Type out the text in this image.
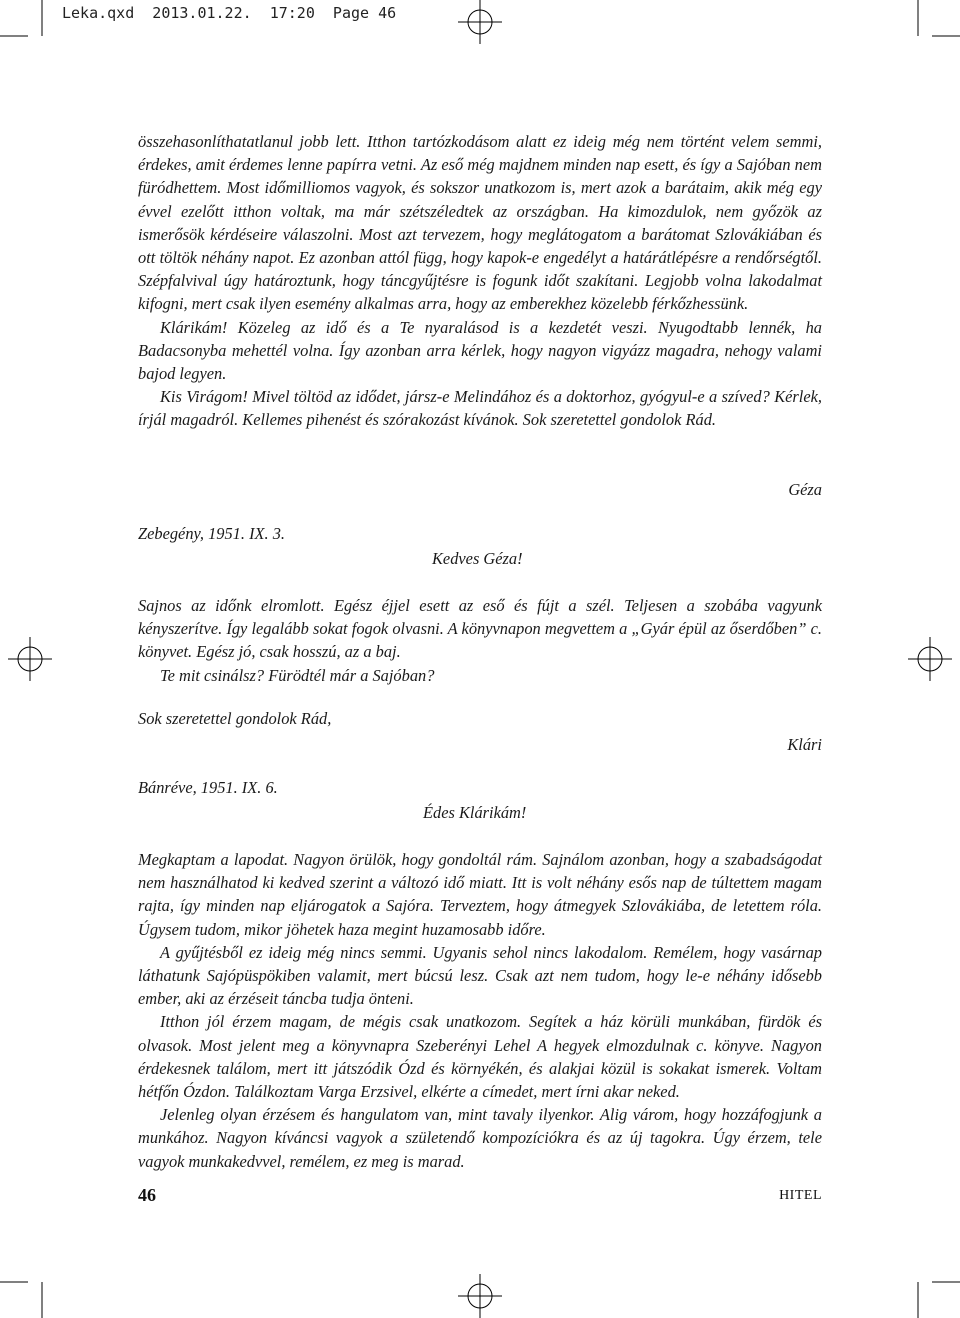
Leka.qxd  2013.01.22.  17:20  Page 46

összehasonlíthatatlanul jobb lett. Itthon tartózkodásom alatt ez ideig még nem történt velem semmi, érdekes, amit érdemes lenne papírra vetni. Az eső még majdnem minden nap esett, és így a Sajóban nem füródhettem. Most időmilliomos vagyok, és sokszor unatkozom is, mert azok a barátaim, akik még egy évvel ezelőtt itthon voltak, ma már szétszéledtek az országban. Ha kimozdulok, nem győzök az ismerősök kérdéseire válaszolni. Most azt tervezem, hogy meglátogatom a barátomat Szlovákiában és ott töltök néhány napot. Ez azonban attól függ, hogy kapok-e engedélyt a határátlépésre a rendőrségtől. Szépfalvival úgy határoztunk, hogy táncgyűjtésre is fogunk időt szakítani. Legjobb volna lakodalmat kifogni, mert csak ilyen esemény alkalmas arra, hogy az emberekhez közelebb férkőzhessünk.

Klárikám! Közeleg az idő és a Te nyaralásod is a kezdetét veszi. Nyugodtabb lennék, ha Badacsonyba mehettél volna. Így azonban arra kérlek, hogy nagyon vigyázz magadra, nehogy valami bajod legyen.

Kis Virágom! Mivel töltöd az idődet, jársz-e Melindához és a doktorhoz, gyógyul-e a szíved? Kérlek, írjál magadról. Kellemes pihenést és szórakozást kívánok. Sok szeretettel gondolok Rád.

Géza
Zebegény, 1951. IX. 3.
Kedves Géza!

Sajnos az időnk elromlott. Egész éjjel esett az eső és fújt a szél. Teljesen a szobába vagyunk kényszerítve. Így legalább sokat fogok olvasni. A könyvnapon megvettem a „Gyár épül az őserdőben” c. könyvet. Egész jó, csak hosszú, az a baj.

Te mit csinálsz? Fürödtél már a Sajóban?

Sok szeretettel gondolok Rád,
Klári
Bánréve, 1951. IX. 6.
Édes Klárikám!

Megkaptam a lapodat. Nagyon örülök, hogy gondoltál rám. Sajnálom azonban, hogy a szabadságodat nem használhatod ki kedved szerint a változó idő miatt. Itt is volt néhány esős nap de túltettem magam rajta, így minden nap eljárogatok a Sajóra. Terveztem, hogy átmegyek Szlovákiába, de letettem róla. Úgysem tudom, mikor jöhetek haza megint huzamosabb időre.

A gyűjtésből ez ideig még nincs semmi. Ugyanis sehol nincs lakodalom. Remélem, hogy vasárnap láthatunk Sajópüspökiben valamit, mert búcsú lesz. Csak azt nem tudom, hogy le-e néhány idősebb ember, aki az érzéseit táncba tudja önteni.

Itthon jól érzem magam, de mégis csak unatkozom. Segítek a ház körüli munkában, fürdök és olvasok. Most jelent meg a könyvnapra Szeberényi Lehel A hegyek elmozdulnak c. könyve. Nagyon érdekesnek találom, mert itt játszódik Ózd és környékén, és alakjai közül is sokakat ismerek. Voltam hétfőn Ózdon. Találkoztam Varga Erzsivel, elkérte a címedet, mert írni akar neked.

Jelenleg olyan érzésem és hangulatom van, mint tavaly ilyenkor. Alig várom, hogy hozzáfogjunk a munkához. Nagyon kíváncsi vagyok a születendő kompozíciókra és az új tagokra. Úgy érzem, tele vagyok munkakedvvel, remélem, ez meg is marad.

46	HITEL
